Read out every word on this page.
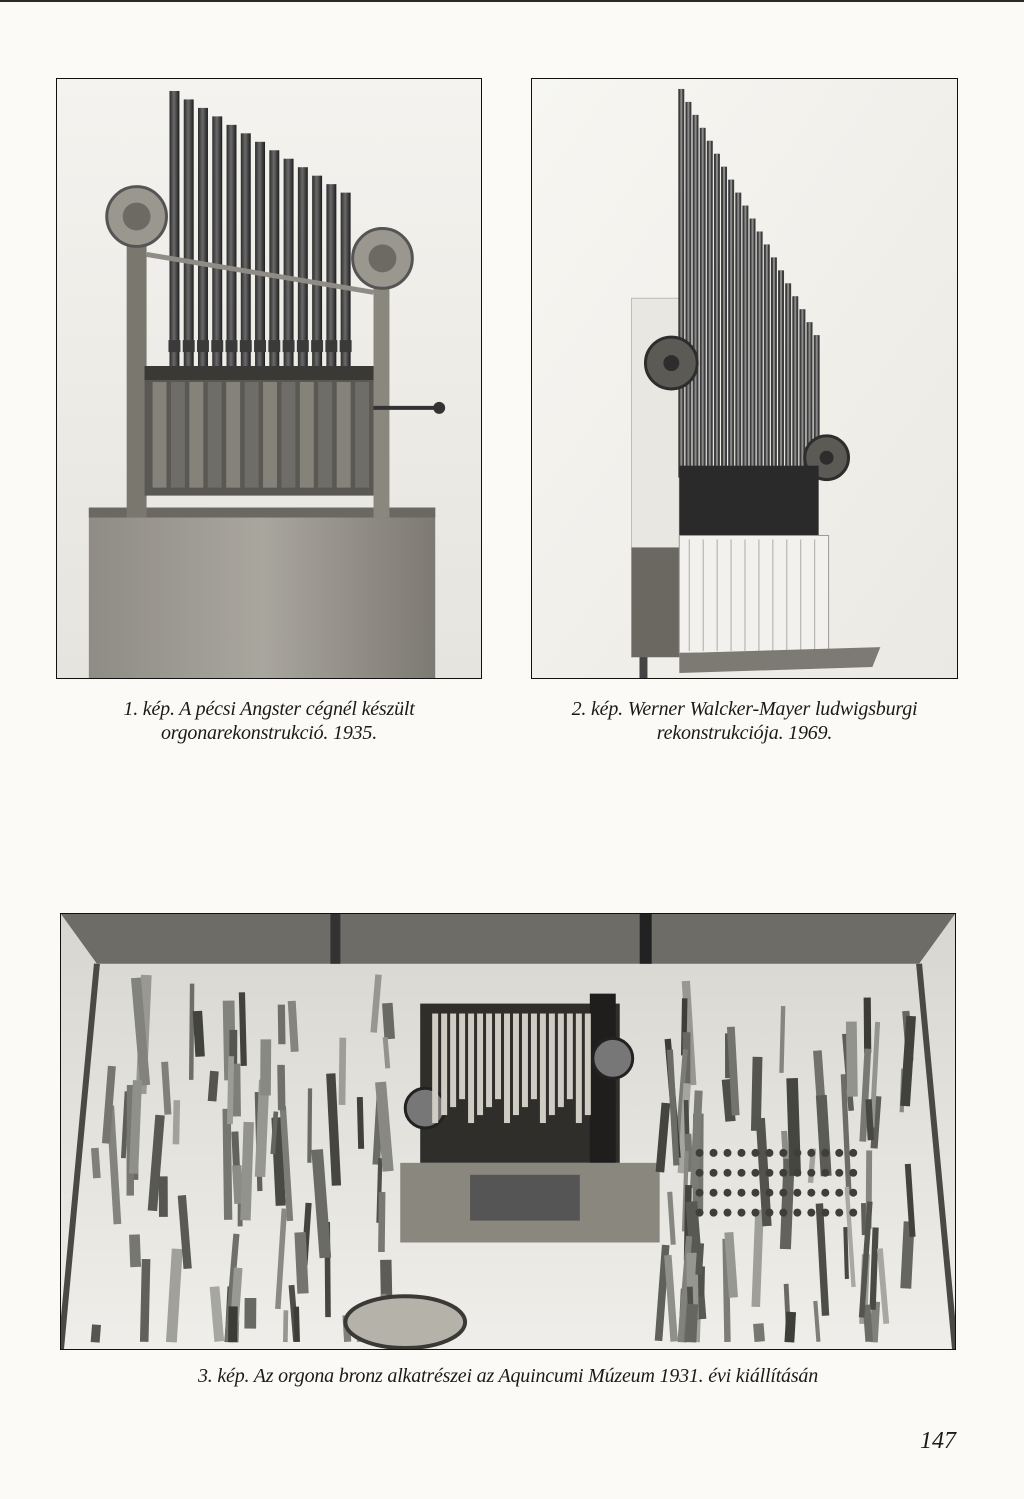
1. kép. A pécsi Angster cégnél készült
orgonarekonstrukció. 1935.
2. kép. Werner Walcker-Mayer ludwigsburgi
rekonstrukciója. 1969.
3. kép. Az orgona bronz alkatrészei az Aquincumi Múzeum 1931. évi kiállításán
147
